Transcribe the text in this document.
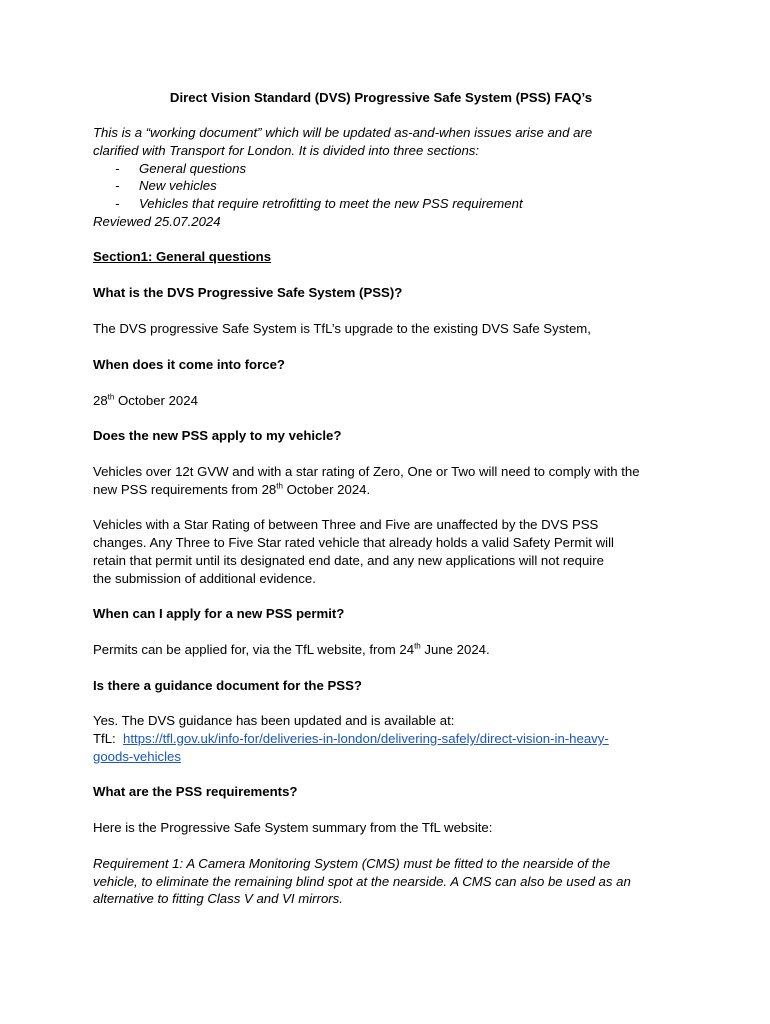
Direct Vision Standard (DVS) Progressive Safe System (PSS) FAQ’s
This is a “working document” which will be updated as-and-when issues arise and are
clarified with Transport for London. It is divided into three sections:
- General questions
- New vehicles
- Vehicles that require retrofitting to meet the new PSS requirement
Reviewed 25.07.2024
Section1: General questions
What is the DVS Progressive Safe System (PSS)?
The DVS progressive Safe System is TfL’s upgrade to the existing DVS Safe System,
When does it come into force?
28th October 2024
Does the new PSS apply to my vehicle?
Vehicles over 12t GVW and with a star rating of Zero, One or Two will need to comply with the
new PSS requirements from 28th October 2024.
Vehicles with a Star Rating of between Three and Five are unaffected by the DVS PSS
changes. Any Three to Five Star rated vehicle that already holds a valid Safety Permit will
retain that permit until its designated end date, and any new applications will not require
the submission of additional evidence.
When can I apply for a new PSS permit?
Permits can be applied for, via the TfL website, from 24th June 2024.
Is there a guidance document for the PSS?
Yes. The DVS guidance has been updated and is available at:
TfL:  https://tfl.gov.uk/info-for/deliveries-in-london/delivering-safely/direct-vision-in-heavy-
goods-vehicles
What are the PSS requirements?
Here is the Progressive Safe System summary from the TfL website:
Requirement 1: A Camera Monitoring System (CMS) must be fitted to the nearside of the
vehicle, to eliminate the remaining blind spot at the nearside. A CMS can also be used as an
alternative to fitting Class V and VI mirrors.
